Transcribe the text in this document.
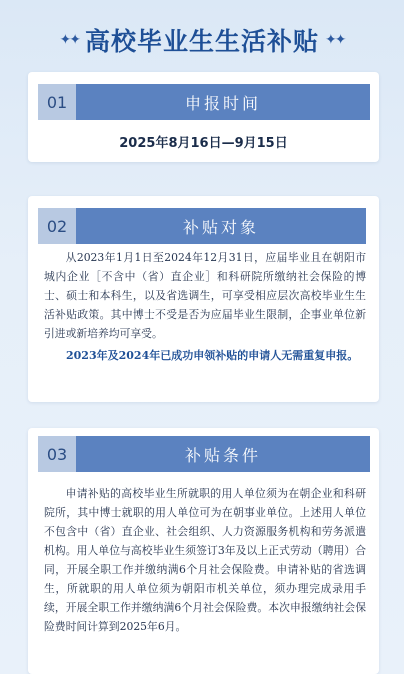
✦✦ 高校毕业生生活补贴 ✦✦
01	申报时间
2025年8月16日—9月15日
02	补贴对象

从2023年1月1日至2024年12月31日，应届毕业且在朝阳市城内企业［不含中（省）直企业］和科研院所缴纳社会保险的博士、硕士和本科生，以及省选调生，可享受相应层次高校毕业生生活补贴政策。其中博士不受是否为应届毕业生限制，企事业单位新引进或新培养均可享受。

2023年及2024年已成功申领补贴的申请人无需重复申报。

03	补贴条件

申请补贴的高校毕业生所就职的用人单位须为在朝企业和科研院所，其中博士就职的用人单位可为在朝事业单位。上述用人单位不包含中（省）直企业、社会组织、人力资源服务机构和劳务派遣机构。用人单位与高校毕业生须签订3年及以上正式劳动（聘用）合同，开展全职工作并缴纳满6个月社会保险费。申请补贴的省选调生，所就职的用人单位须为朝阳市机关单位，须办理完成录用手续，开展全职工作并缴纳满6个月社会保险费。本次申报缴纳社会保险费时间计算到2025年6月。
